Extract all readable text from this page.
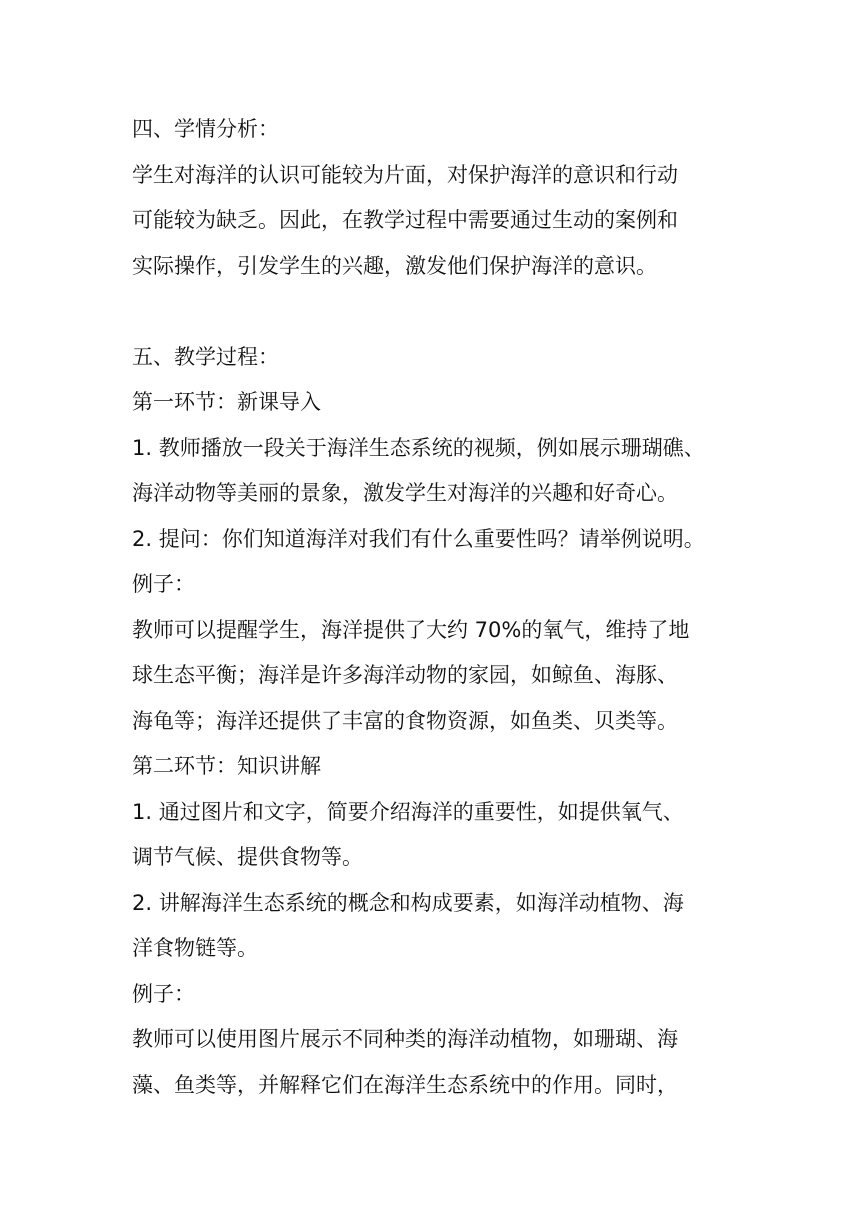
四、学情分析：
学生对海洋的认识可能较为片面，对保护海洋的意识和行动
可能较为缺乏。因此，在教学过程中需要通过生动的案例和
实际操作，引发学生的兴趣，激发他们保护海洋的意识。
五、教学过程：
第一环节：新课导入
1. 教师播放一段关于海洋生态系统的视频，例如展示珊瑚礁、
海洋动物等美丽的景象，激发学生对海洋的兴趣和好奇心。
2. 提问：你们知道海洋对我们有什么重要性吗？请举例说明。
例子：
教师可以提醒学生，海洋提供了大约 70%的氧气，维持了地
球生态平衡；海洋是许多海洋动物的家园，如鲸鱼、海豚、
海龟等；海洋还提供了丰富的食物资源，如鱼类、贝类等。
第二环节：知识讲解
1. 通过图片和文字，简要介绍海洋的重要性，如提供氧气、
调节气候、提供食物等。
2. 讲解海洋生态系统的概念和构成要素，如海洋动植物、海
洋食物链等。
例子：
教师可以使用图片展示不同种类的海洋动植物，如珊瑚、海
藻、鱼类等，并解释它们在海洋生态系统中的作用。同时，
